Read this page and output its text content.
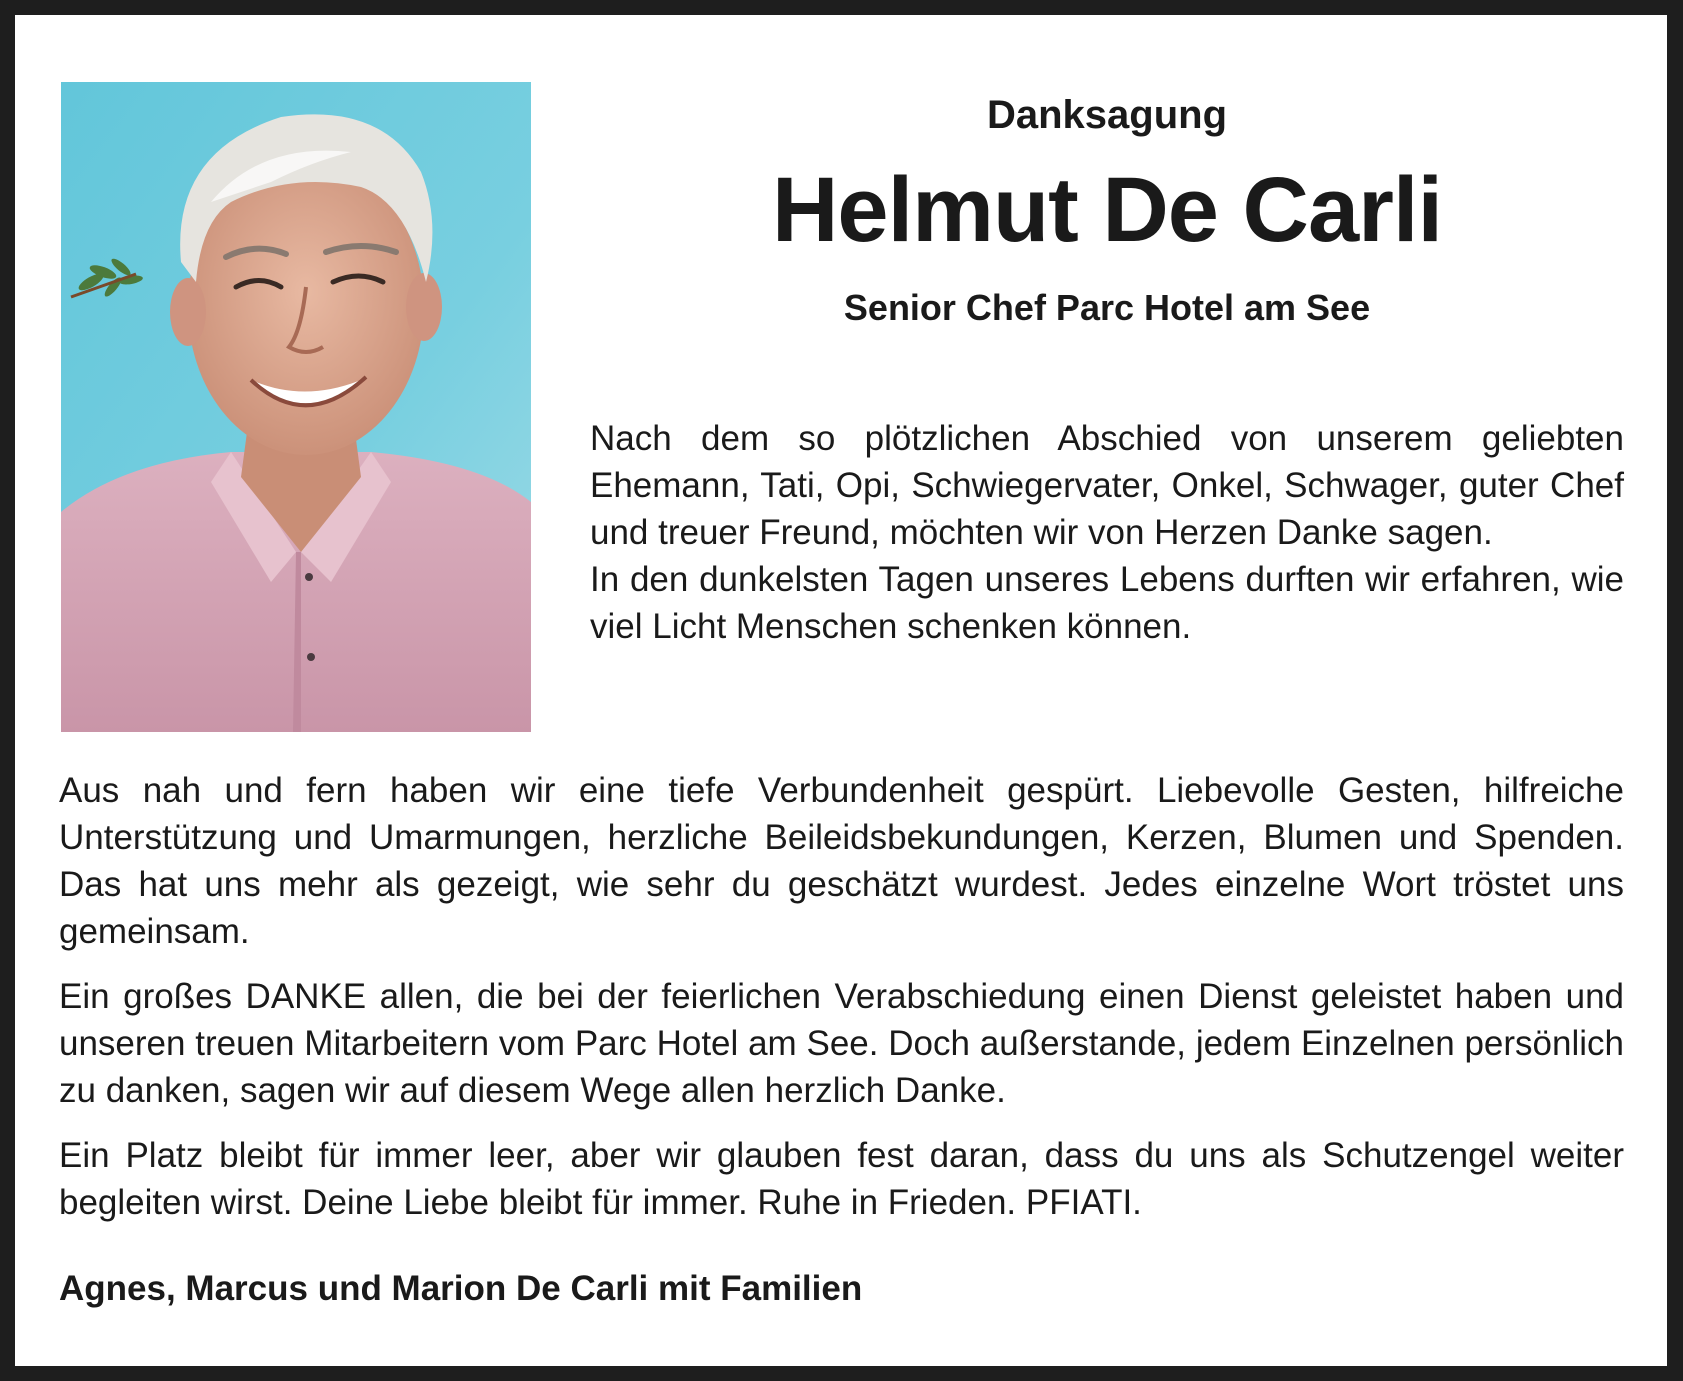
Danksagung

Helmut De Carli

Senior Chef Parc Hotel am See

Nach dem so plötzlichen Abschied von unserem geliebten Ehemann, Tati, Opi, Schwiegervater, Onkel, Schwager, guter Chef und treuer Freund, möchten wir von Herzen Danke sagen.

In den dunkelsten Tagen unseres Lebens durften wir erfahren, wie viel Licht Menschen schenken können.

Aus nah und fern haben wir eine tiefe Verbundenheit gespürt. Liebevolle Gesten, hilfreiche Unterstützung und Umarmungen, herzliche Beileidsbekundungen, Kerzen, Blumen und Spenden. Das hat uns mehr als gezeigt, wie sehr du geschätzt wurdest. Jedes einzelne Wort tröstet uns gemeinsam.

Ein großes DANKE allen, die bei der feierlichen Verabschiedung einen Dienst geleistet haben und unseren treuen Mitarbeitern vom Parc Hotel am See. Doch außerstande, jedem Einzelnen persönlich zu danken, sagen wir auf diesem Wege allen herzlich Danke.

Ein Platz bleibt für immer leer, aber wir glauben fest daran, dass du uns als Schutzengel weiter begleiten wirst. Deine Liebe bleibt für immer. Ruhe in Frieden. PFIATI.

Agnes, Marcus und Marion De Carli mit Familien
